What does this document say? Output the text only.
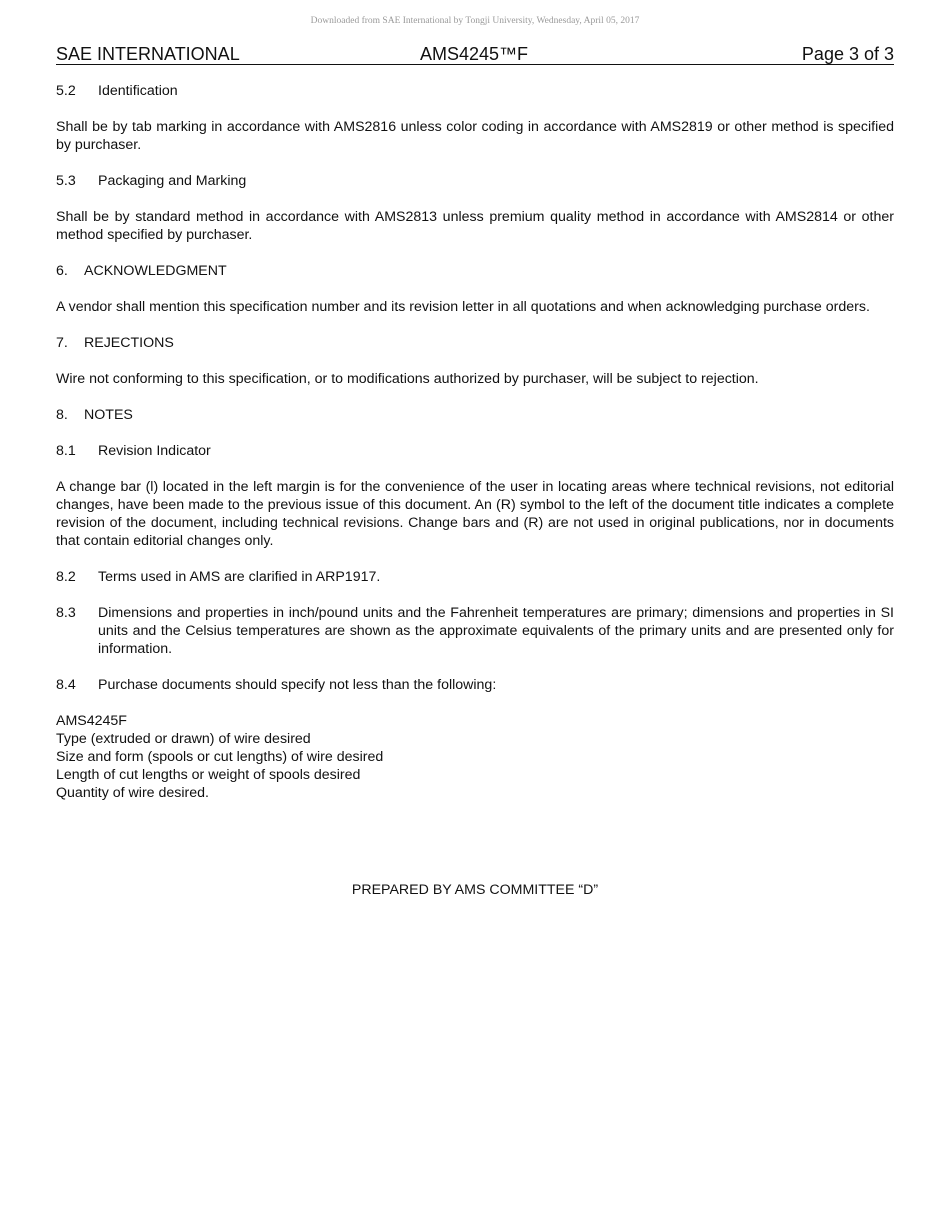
Downloaded from SAE International by Tongji University, Wednesday, April 05, 2017
SAE INTERNATIONAL	AMS4245™F	Page 3 of 3
5.2	Identification

Shall be by tab marking in accordance with AMS2816 unless color coding in accordance with AMS2819 or other method is specified by purchaser.

5.3	Packaging and Marking

Shall be by standard method in accordance with AMS2813 unless premium quality method in accordance with AMS2814 or other method specified by purchaser.

6.	ACKNOWLEDGMENT

A vendor shall mention this specification number and its revision letter in all quotations and when acknowledging purchase orders.

7.	REJECTIONS

Wire not conforming to this specification, or to modifications authorized by purchaser, will be subject to rejection.

8.	NOTES
8.1	Revision Indicator

A change bar (l) located in the left margin is for the convenience of the user in locating areas where technical revisions, not editorial changes, have been made to the previous issue of this document. An (R) symbol to the left of the document title indicates a complete revision of the document, including technical revisions. Change bars and (R) are not used in original publications, nor in documents that contain editorial changes only.

8.2	Terms used in AMS are clarified in ARP1917.
8.3	Dimensions and properties in inch/pound units and the Fahrenheit temperatures are primary; dimensions and properties in SI units and the Celsius temperatures are shown as the approximate equivalents of the primary units and are presented only for information.
8.4	Purchase documents should specify not less than the following:
AMS4245F
Type (extruded or drawn) of wire desired
Size and form (spools or cut lengths) of wire desired
Length of cut lengths or weight of spools desired
Quantity of wire desired.
PREPARED BY AMS COMMITTEE “D”
